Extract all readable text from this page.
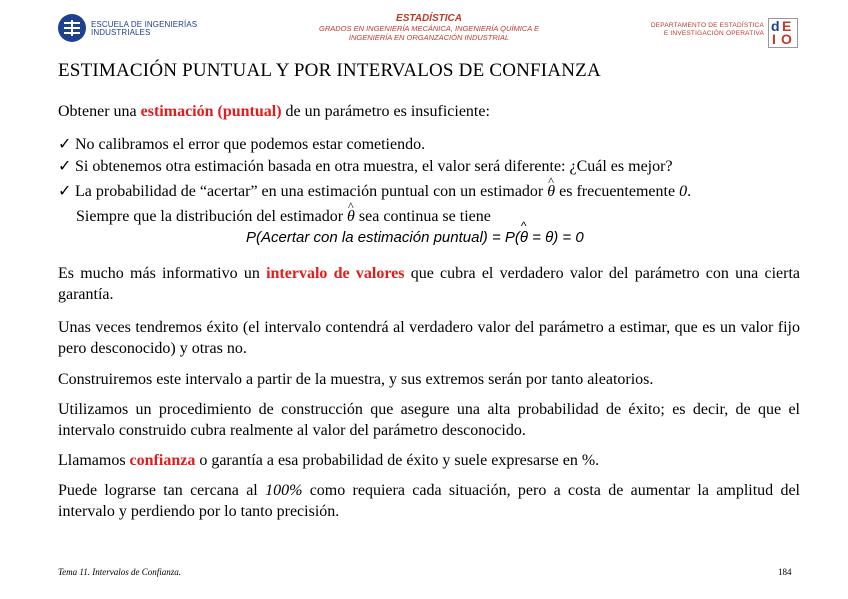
ESCUELA DE INGENIERÍAS
INDUSTRIALES
ESTADÍSTICA
GRADOS EN INGENIERÍA MECÁNICA, INGENIERÍA QUÍMICA E
INGENIERÍA EN ORGANZACIÓN INDUSTRIAL
DEPARTAMENTO DE ESTADÍSTICA
E INVESTIGACIÓN OPERATIVA d E
I O
ESTIMACIÓN PUNTUAL Y POR INTERVALOS DE CONFIANZA
Obtener una estimación (puntual) de un parámetro es insuficiente:
✓ No calibramos el error que podemos estar cometiendo.
✓ Si obtenemos otra estimación basada en otra muestra, el valor será diferente: ¿Cuál es mejor?
✓ La probabilidad de “acertar” en una estimación puntual con un estimador ^ θ es frecuentemente 0.
Siempre que la distribución del estimador ^ θ sea continua se tiene
P(Acertar con la estimación puntual) = P(^ θ = θ) = 0
Es mucho más informativo un intervalo de valores que cubra el verdadero valor del parámetro con una cierta garantía.
Unas veces tendremos éxito (el intervalo contendrá al verdadero valor del parámetro a estimar, que es un valor fijo pero desconocido) y otras no.
Construiremos este intervalo a partir de la muestra, y sus extremos serán por tanto aleatorios.
Utilizamos un procedimiento de construcción que asegure una alta probabilidad de éxito; es decir, de que el intervalo construido cubra realmente al valor del parámetro desconocido.
Llamamos confianza o garantía a esa probabilidad de éxito y suele expresarse en %.
Puede lograrse tan cercana al 100% como requiera cada situación, pero a costa de aumentar la amplitud del intervalo y perdiendo por lo tanto precisión.
Tema 11. Intervalos de Confianza.	184
